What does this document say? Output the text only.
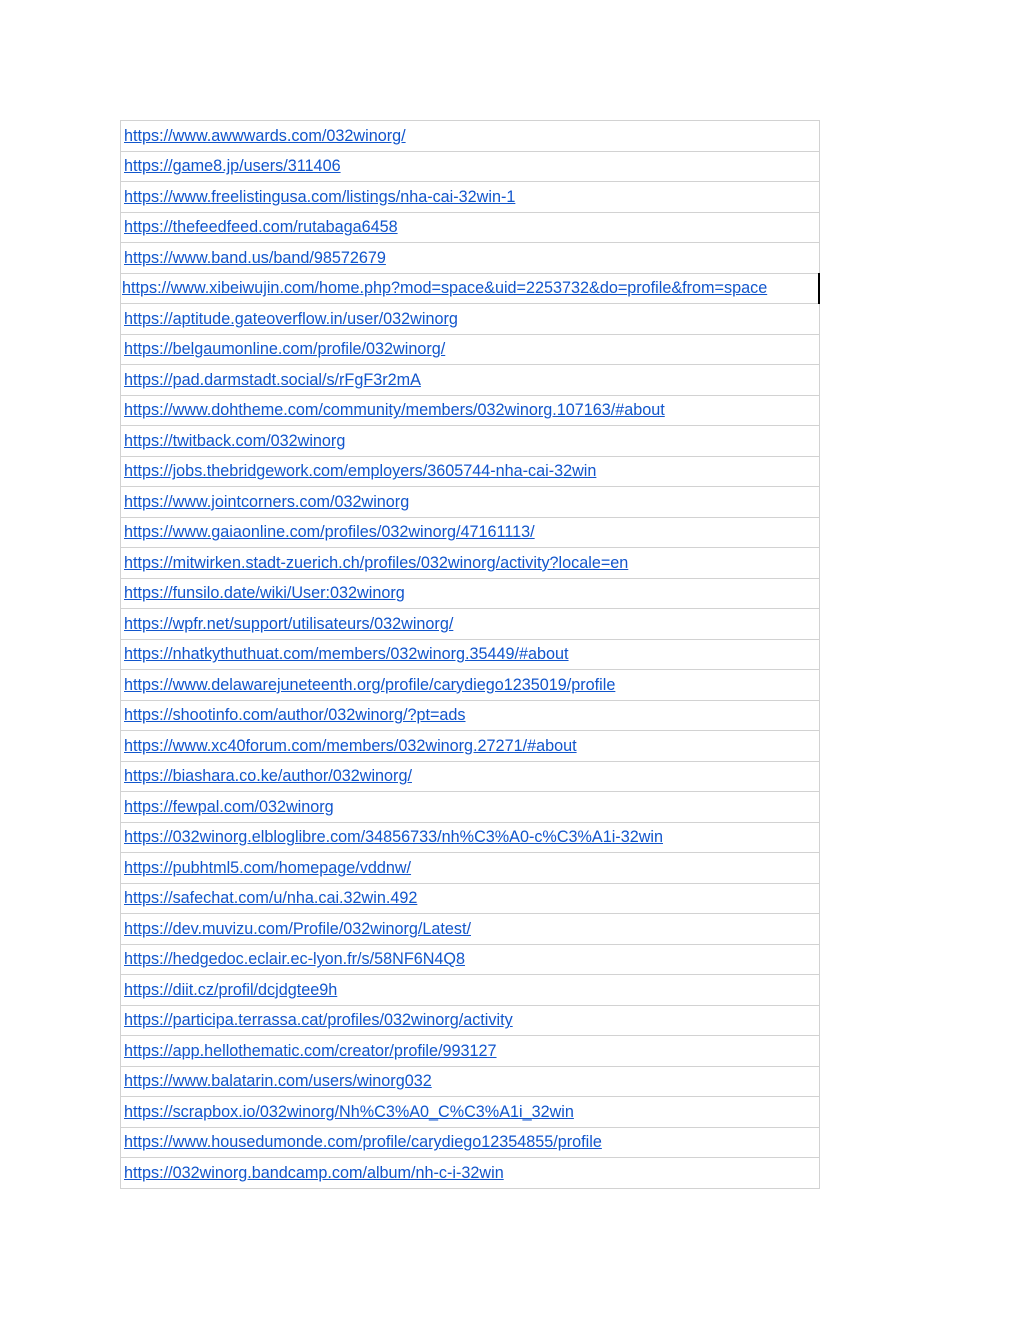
https://www.awwwards.com/032winorg/
https://game8.jp/users/311406
https://www.freelistingusa.com/listings/nha-cai-32win-1
https://thefeedfeed.com/rutabaga6458
https://www.band.us/band/98572679
https://www.xibeiwujin.com/home.php?mod=space&uid=2253732&do=profile&from=space
https://aptitude.gateoverflow.in/user/032winorg
https://belgaumonline.com/profile/032winorg/
https://pad.darmstadt.social/s/rFgF3r2mA
https://www.dohtheme.com/community/members/032winorg.107163/#about
https://twitback.com/032winorg
https://jobs.thebridgework.com/employers/3605744-nha-cai-32win
https://www.jointcorners.com/032winorg
https://www.gaiaonline.com/profiles/032winorg/47161113/
https://mitwirken.stadt-zuerich.ch/profiles/032winorg/activity?locale=en
https://funsilo.date/wiki/User:032winorg
https://wpfr.net/support/utilisateurs/032winorg/
https://nhatkythuthuat.com/members/032winorg.35449/#about
https://www.delawarejuneteenth.org/profile/carydiego1235019/profile
https://shootinfo.com/author/032winorg/?pt=ads
https://www.xc40forum.com/members/032winorg.27271/#about
https://biashara.co.ke/author/032winorg/
https://fewpal.com/032winorg
https://032winorg.elbloglibre.com/34856733/nh%C3%A0-c%C3%A1i-32win
https://pubhtml5.com/homepage/vddnw/
https://safechat.com/u/nha.cai.32win.492
https://dev.muvizu.com/Profile/032winorg/Latest/
https://hedgedoc.eclair.ec-lyon.fr/s/58NF6N4Q8
https://diit.cz/profil/dcjdgtee9h
https://participa.terrassa.cat/profiles/032winorg/activity
https://app.hellothematic.com/creator/profile/993127
https://www.balatarin.com/users/winorg032
https://scrapbox.io/032winorg/Nh%C3%A0_C%C3%A1i_32win
https://www.housedumonde.com/profile/carydiego12354855/profile
https://032winorg.bandcamp.com/album/nh-c-i-32win
